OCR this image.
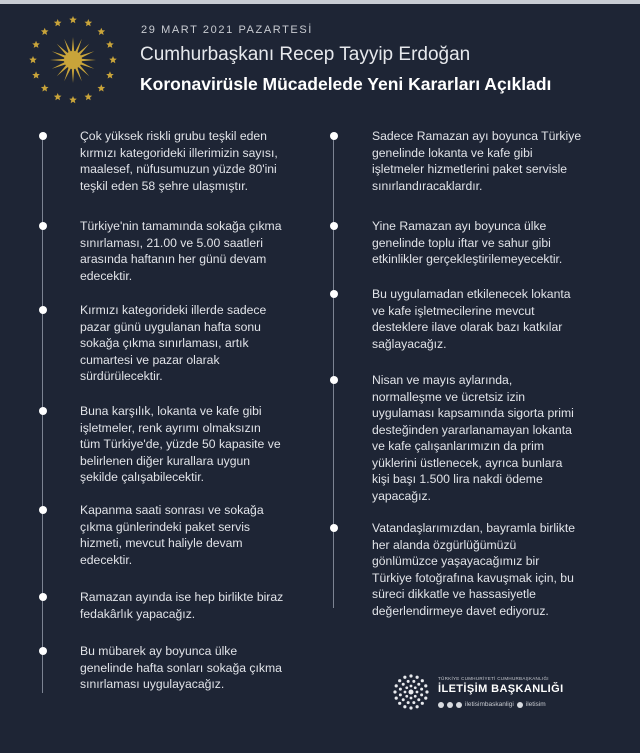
29 MART 2021 PAZARTESİ
Cumhurbaşkanı Recep Tayyip Erdoğan
Koronavirüsle Mücadelede Yeni Kararları Açıkladı

Çok yüksek riskli grubu teşkil eden
kırmızı kategorideki illerimizin sayısı,
maalesef, nüfusumuzun yüzde 80'ini
teşkil eden 58 şehre ulaşmıştır.

Türkiye'nin tamamında sokağa çıkma
sınırlaması, 21.00 ve 5.00 saatleri
arasında haftanın her günü devam
edecektir.

Kırmızı kategorideki illerde sadece
pazar günü uygulanan hafta sonu
sokağa çıkma sınırlaması, artık
cumartesi ve pazar olarak
sürdürülecektir.

Buna karşılık, lokanta ve kafe gibi
işletmeler, renk ayrımı olmaksızın
tüm Türkiye'de, yüzde 50 kapasite ve
belirlenen diğer kurallara uygun
şekilde çalışabilecektir.

Kapanma saati sonrası ve sokağa
çıkma günlerindeki paket servis
hizmeti, mevcut haliyle devam
edecektir.

Ramazan ayında ise hep birlikte biraz
fedakârlık yapacağız.

Bu mübarek ay boyunca ülke
genelinde hafta sonları sokağa çıkma
sınırlaması uygulayacağız.

Sadece Ramazan ayı boyunca Türkiye
genelinde lokanta ve kafe gibi
işletmeler hizmetlerini paket servisle
sınırlandıracaklardır.

Yine Ramazan ayı boyunca ülke
genelinde toplu iftar ve sahur gibi
etkinlikler gerçekleştirilemeyecektir.

Bu uygulamadan etkilenecek lokanta
ve kafe işletmecilerine mevcut
desteklere ilave olarak bazı katkılar
sağlayacağız.

Nisan ve mayıs aylarında,
normalleşme ve ücretsiz izin
uygulaması kapsamında sigorta primi
desteğinden yararlanamayan lokanta
ve kafe çalışanlarımızın da prim
yüklerini üstlenecek, ayrıca bunlara
kişi başı 1.500 lira nakdi ödeme
yapacağız.

Vatandaşlarımızdan, bayramla birlikte
her alanda özgürlüğümüzü
gönlümüzce yaşayacağımız bir
Türkiye fotoğrafına kavuşmak için, bu
süreci dikkatle ve hassasiyetle
değerlendirmeye davet ediyoruz.

TÜRKİYE CUMHURİYETİ CUMHURBAŞKANLIĞI
İLETİŞİM BAŞKANLIĞI
iletisimbaskanligi iletisim
